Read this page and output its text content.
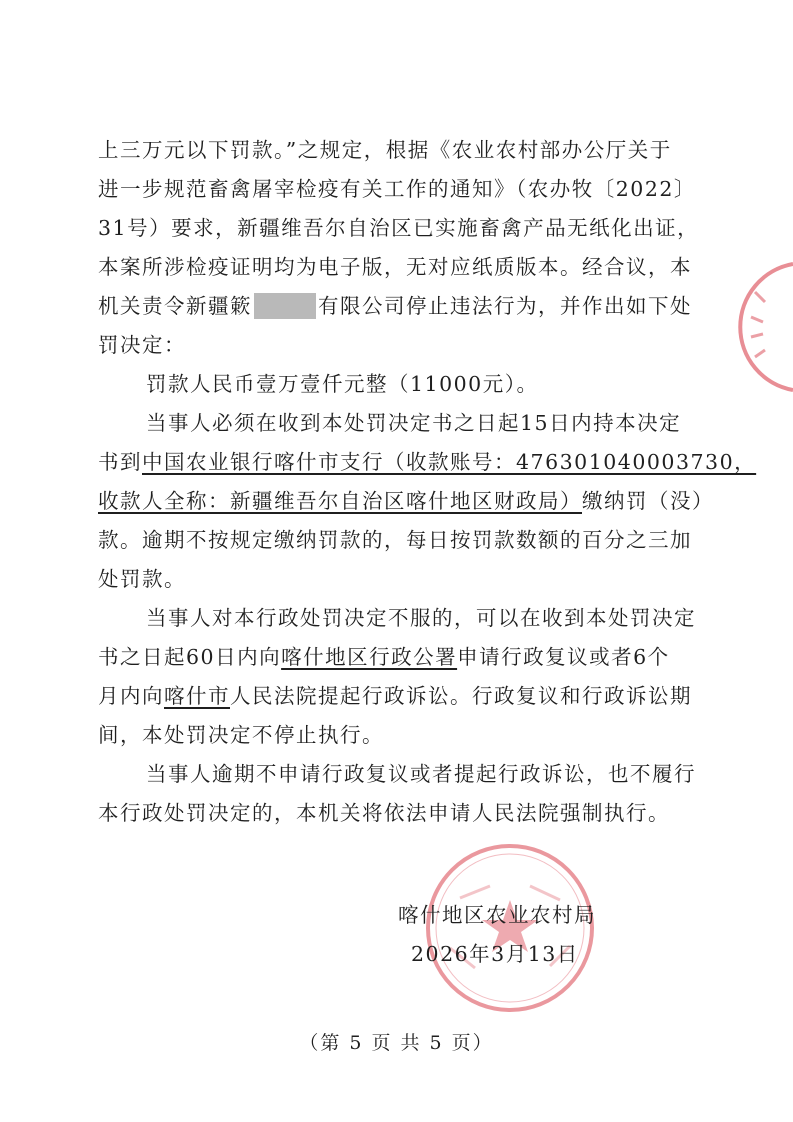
上三万元以下罚款。”之规定，根据《农业农村部办公厅关于
进一步规范畜禽屠宰检疫有关工作的通知》（农办牧〔2022〕
31号）要求，新疆维吾尔自治区已实施畜禽产品无纸化出证，
本案所涉检疫证明均为电子版，无对应纸质版本。经合议，本
机关责令新疆簌	有限公司停止违法行为，并作出如下处
罚决定：
罚款人民币壹万壹仟元整（11000元）。
当事人必须在收到本处罚决定书之日起15日内持本决定
书到中国农业银行喀什市支行（收款账号：476301040003730，
收款人全称：新疆维吾尔自治区喀什地区财政局）缴纳罚（没）
款。逾期不按规定缴纳罚款的，每日按罚款数额的百分之三加
处罚款。
当事人对本行政处罚决定不服的，可以在收到本处罚决定
书之日起60日内向喀什地区行政公署申请行政复议或者6个
月内向喀什市人民法院提起行政诉讼。行政复议和行政诉讼期
间，本处罚决定不停止执行。
当事人逾期不申请行政复议或者提起行政诉讼，也不履行
本行政处罚决定的，本机关将依法申请人民法院强制执行。
喀什地区农业农村局
2026年3月13日
（第 5 页 共 5 页）
